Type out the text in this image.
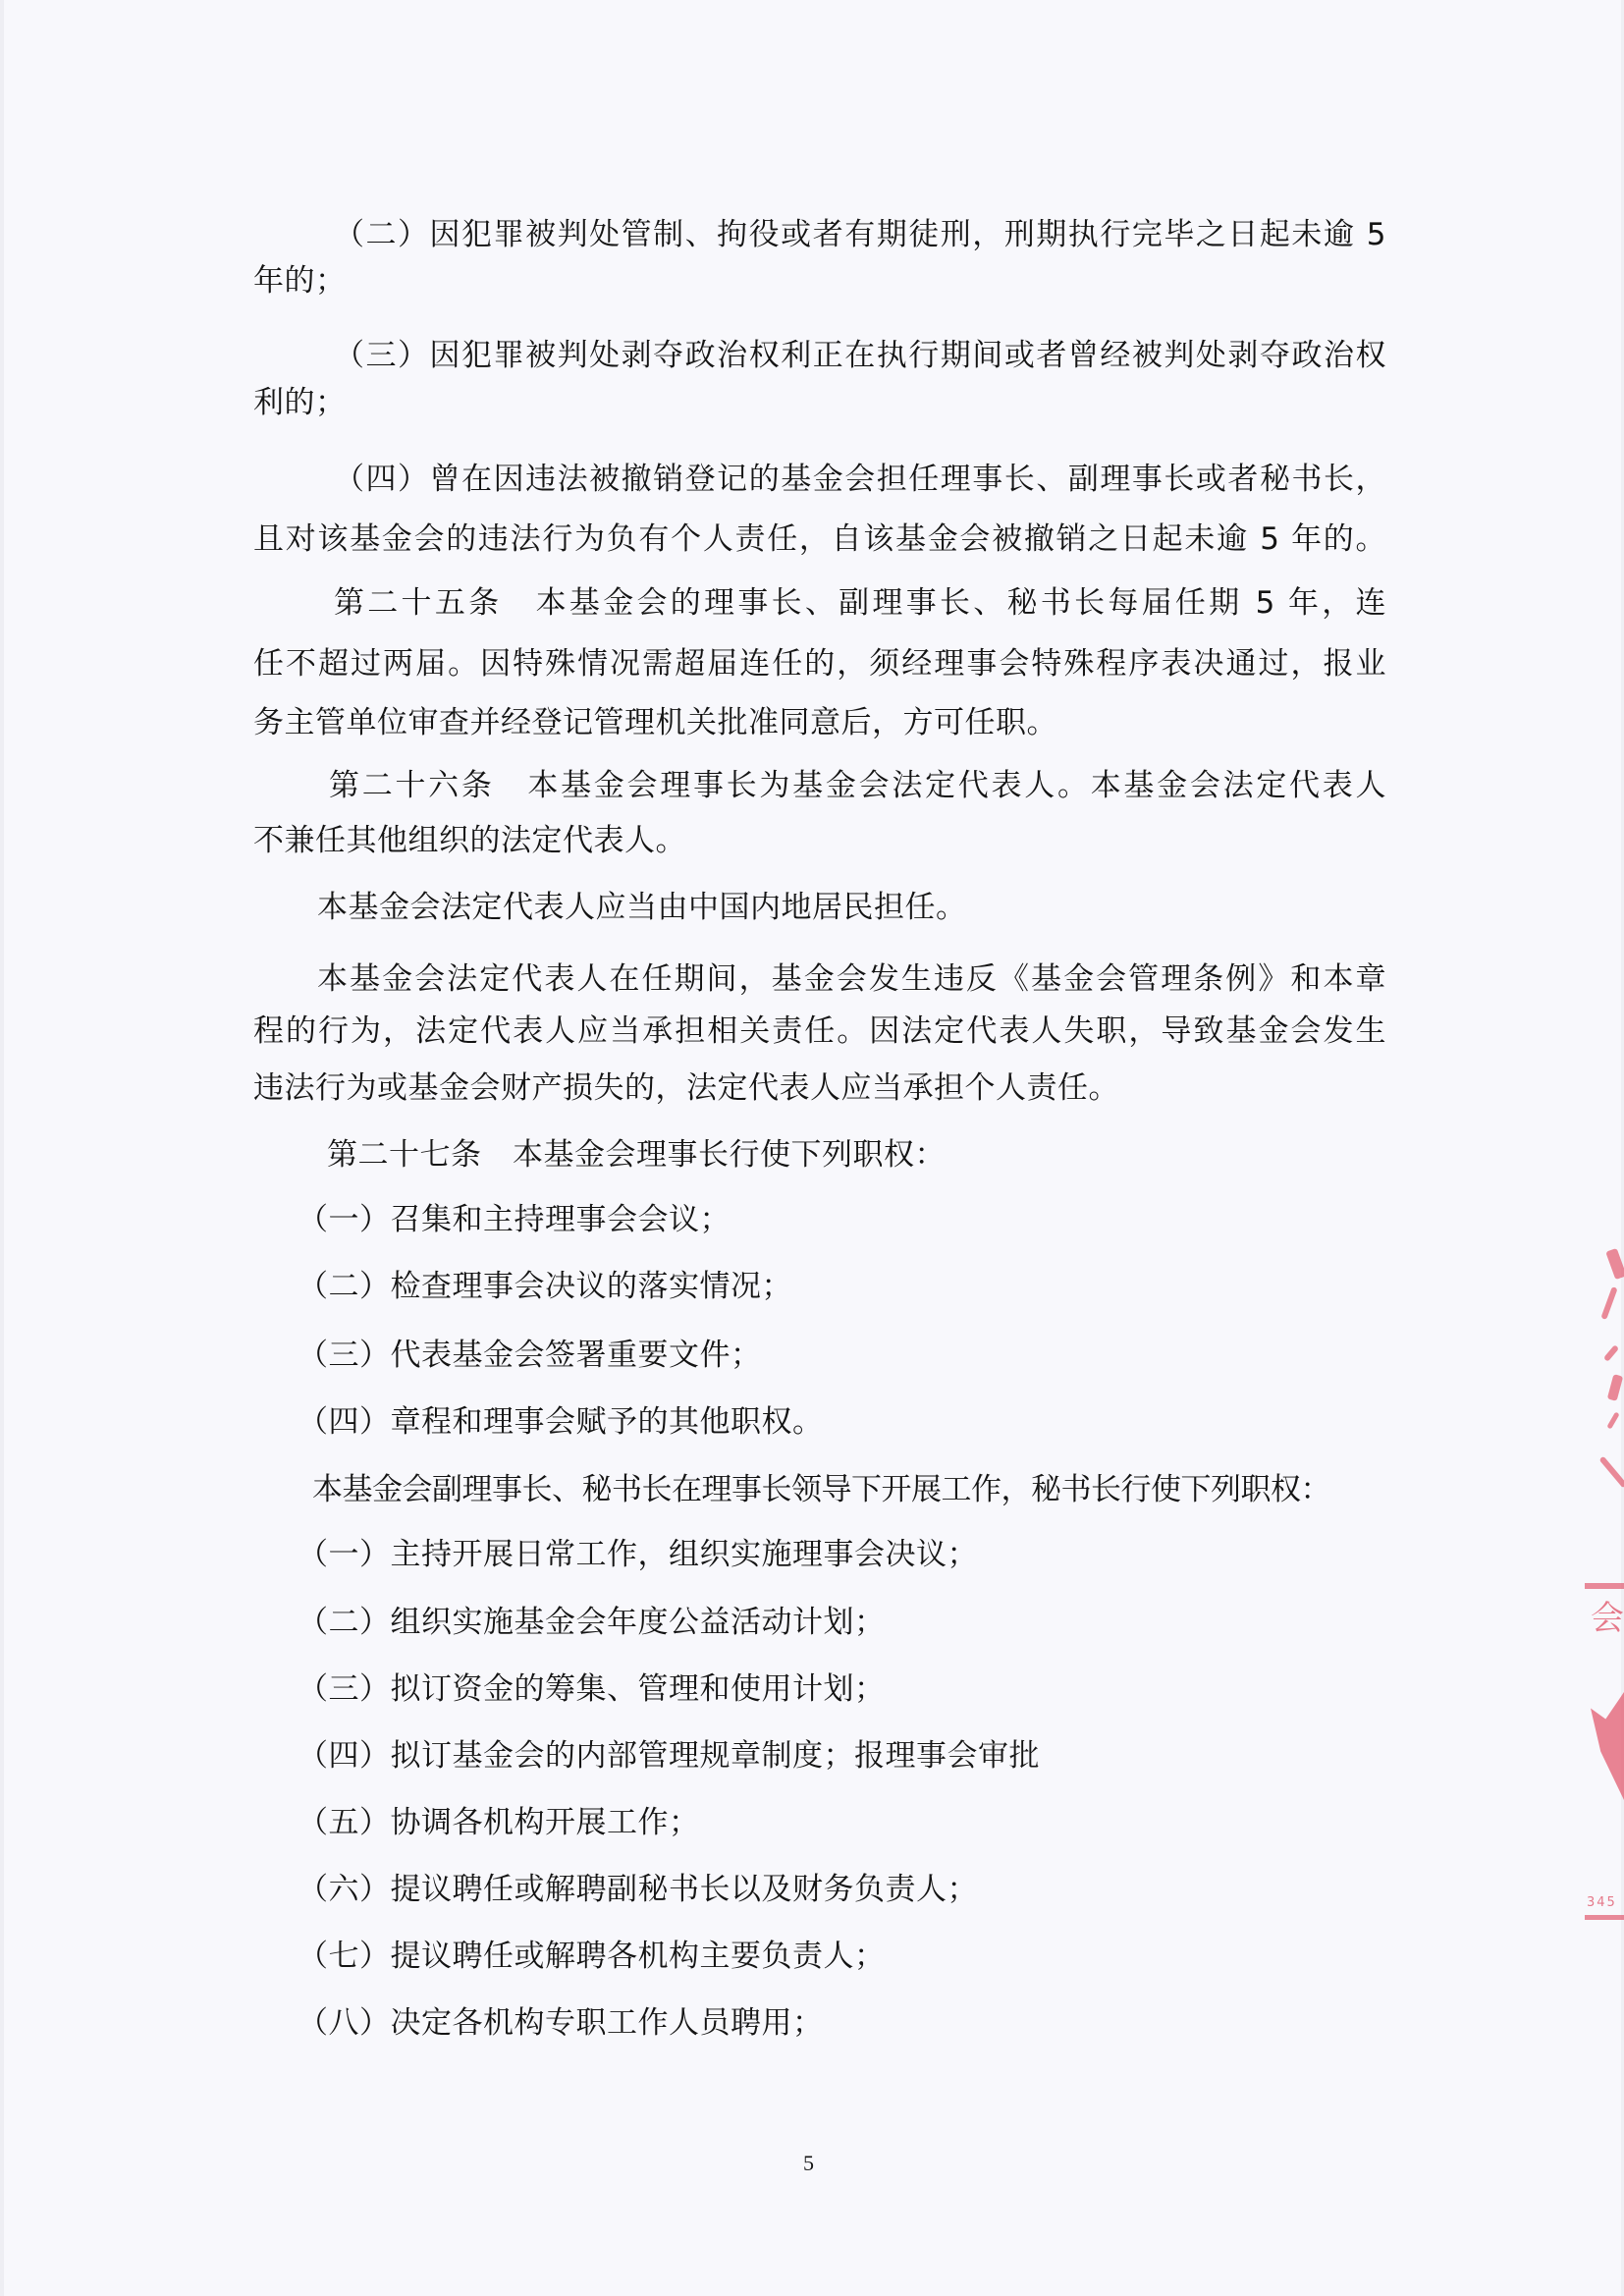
（二）因犯罪被判处管制、拘役或者有期徒刑，刑期执行完毕之日起未逾 5
年的；
（三）因犯罪被判处剥夺政治权利正在执行期间或者曾经被判处剥夺政治权
利的；
（四）曾在因违法被撤销登记的基金会担任理事长、副理事长或者秘书长，
且对该基金会的违法行为负有个人责任，自该基金会被撤销之日起未逾 5 年的。
第二十五条　本基金会的理事长、副理事长、秘书长每届任期 5 年，连
任不超过两届。因特殊情况需超届连任的，须经理事会特殊程序表决通过，报业
务主管单位审查并经登记管理机关批准同意后，方可任职。
第二十六条　本基金会理事长为基金会法定代表人。本基金会法定代表人
不兼任其他组织的法定代表人。
本基金会法定代表人应当由中国内地居民担任。
本基金会法定代表人在任期间，基金会发生违反《基金会管理条例》和本章
程的行为，法定代表人应当承担相关责任。因法定代表人失职，导致基金会发生
违法行为或基金会财产损失的，法定代表人应当承担个人责任。
第二十七条　本基金会理事长行使下列职权：
（一）召集和主持理事会会议；
（二）检查理事会决议的落实情况；
（三）代表基金会签署重要文件；
（四）章程和理事会赋予的其他职权。
本基金会副理事长、秘书长在理事长领导下开展工作，秘书长行使下列职权：
（一）主持开展日常工作，组织实施理事会决议；
（二）组织实施基金会年度公益活动计划；
（三）拟订资金的筹集、管理和使用计划；
（四）拟订基金会的内部管理规章制度；报理事会审批
（五）协调各机构开展工作；
（六）提议聘任或解聘副秘书长以及财务负责人；
（七）提议聘任或解聘各机构主要负责人；
（八）决定各机构专职工作人员聘用；
5
会
345
